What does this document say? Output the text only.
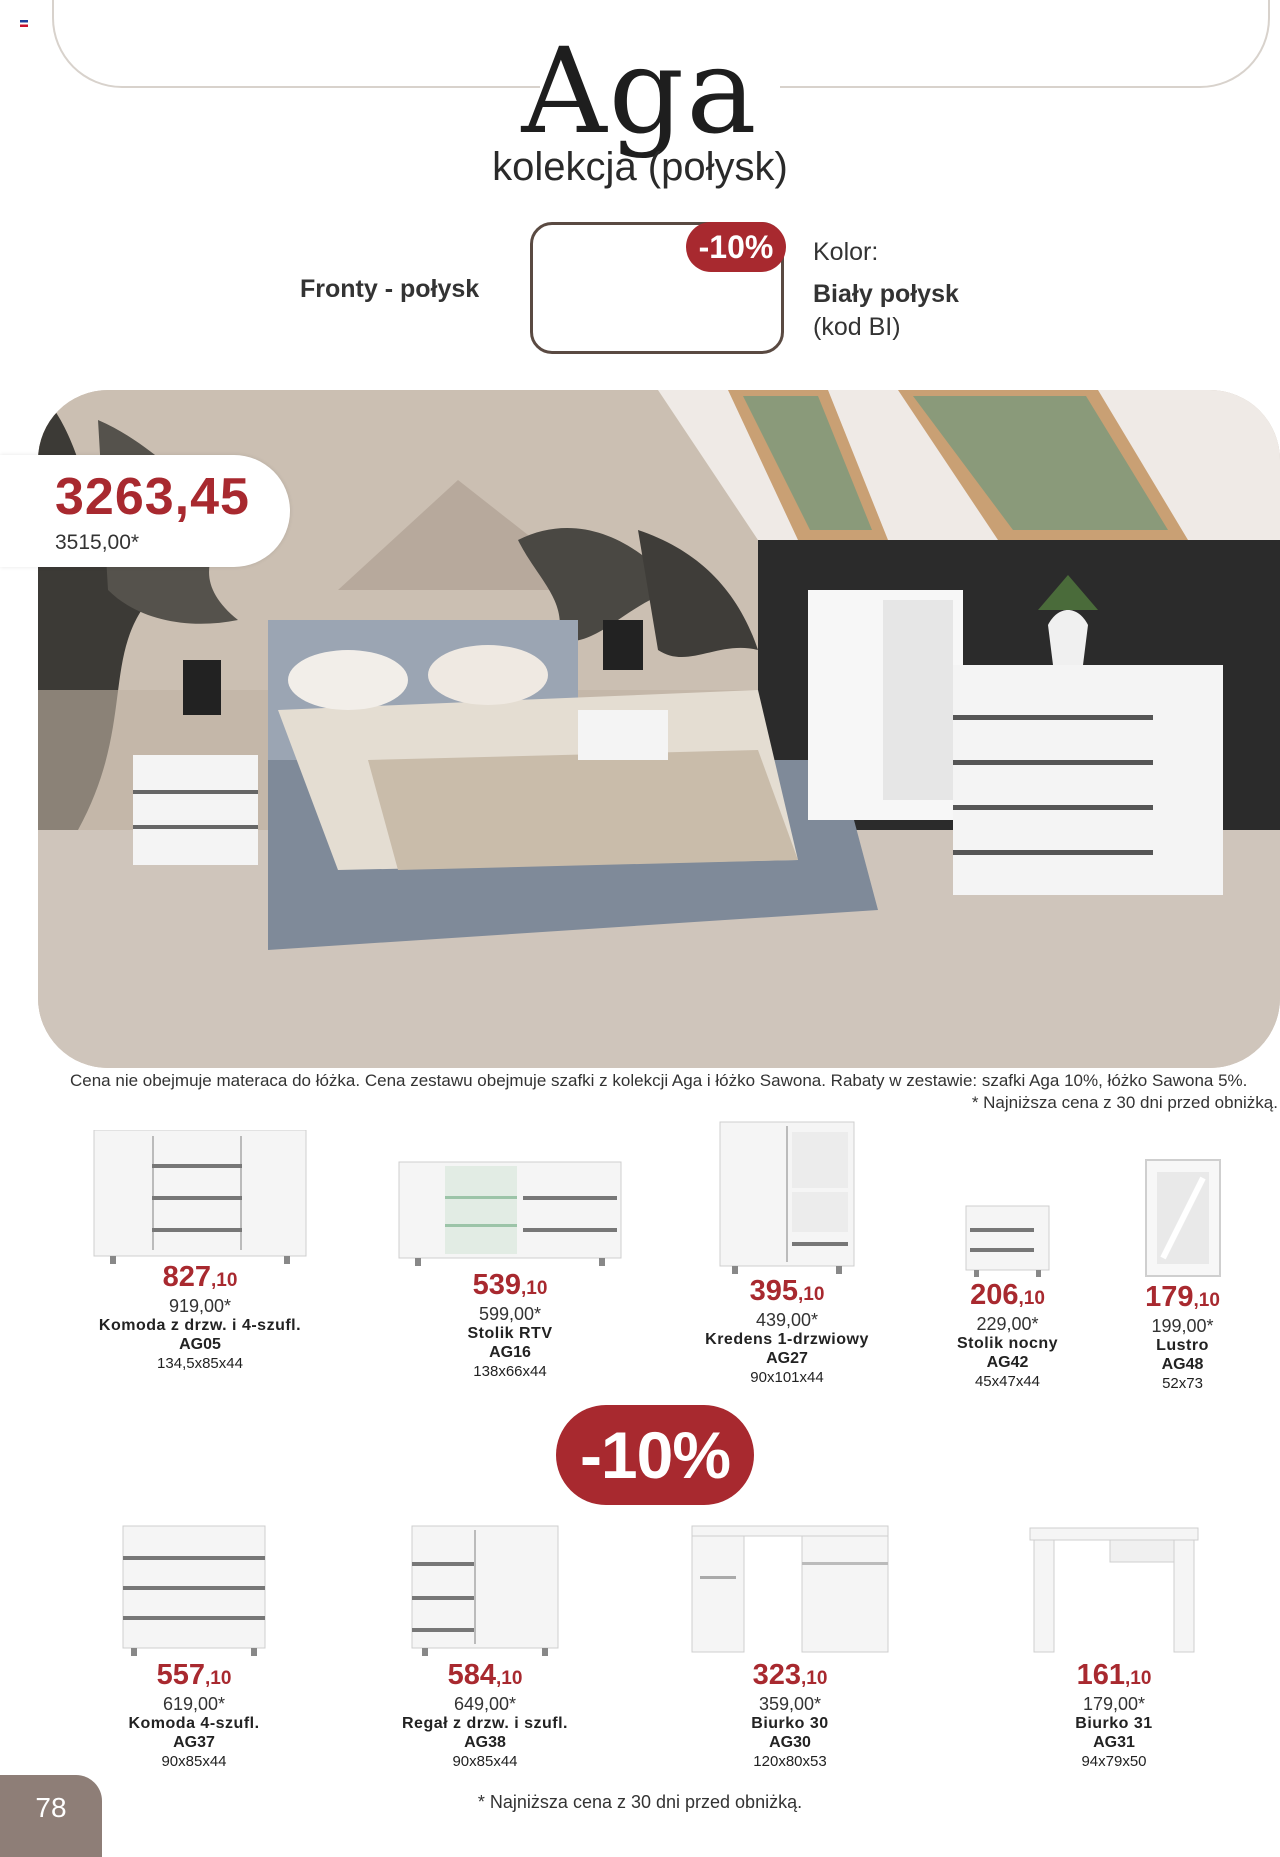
Aga
kolekcja (połysk)
Fronty - połysk
-10%	Kolor:
Biały połysk
(kod BI)
3263,45
3515,00*
Cena nie obejmuje materaca do łóżka. Cena zestawu obejmuje szafki z kolekcji Aga i łóżko Sawona. Rabaty w zestawie: szafki Aga 10%, łóżko Sawona 5%.
* Najniższa cena z 30 dni przed obniżką.
827,10
919,00*
Komoda z drzw. i 4-szufl.
AG05
134,5x85x44
539,10
599,00*
Stolik RTV
AG16
138x66x44
395,10
439,00*
Kredens 1-drzwiowy
AG27
90x101x44
206,10
229,00*
Stolik nocny
AG42
45x47x44
179,10
199,00*
Lustro
AG48
52x73
-10%
557,10
619,00*
Komoda 4-szufl.
AG37
90x85x44
584,10
649,00*
Regał z drzw. i szufl.
AG38
90x85x44
323,10
359,00*
Biurko 30
AG30
120x80x53
161,10
179,00*
Biurko 31
AG31
94x79x50
* Najniższa cena z 30 dni przed obniżką.
78
